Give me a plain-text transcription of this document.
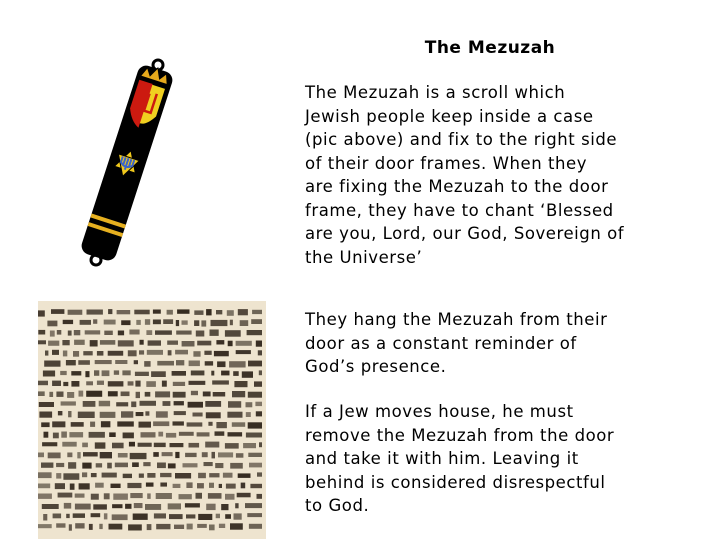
The Mezuzah
The Mezuzah is a scroll which
Jewish people keep inside a case
(pic above) and fix to the right side
of their door frames. When they
are fixing the Mezuzah to the door
frame, they have to chant ‘Blessed
are you, Lord, our God, Sovereign of
the Universe’
They hang the Mezuzah from their
door as a constant reminder of
God’s presence.
If a Jew moves house, he must
remove the Mezuzah from the door
and take it with him. Leaving it
behind is considered disrespectful
to God.
